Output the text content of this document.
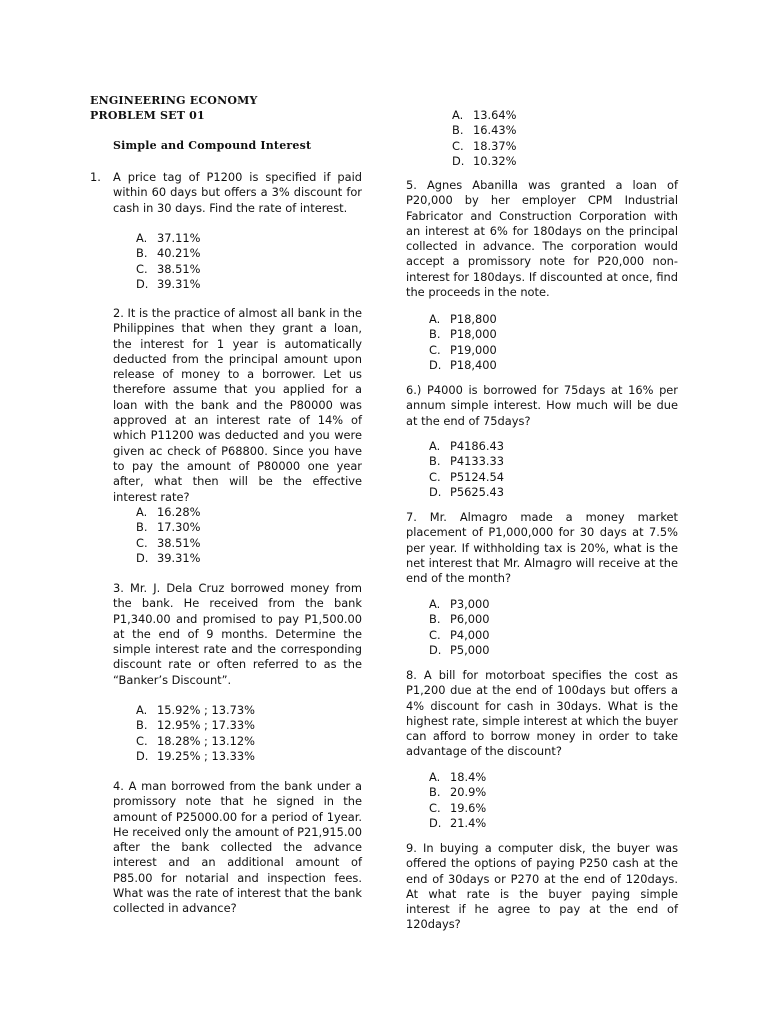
ENGINEERING ECONOMY
PROBLEM SET 01
Simple and Compound Interest
1. A price tag of P1200 is specified if paid within 60 days but offers a 3% discount for cash in 30 days. Find the rate of interest.
A. 37.11%
B. 40.21%
C. 38.51%
D. 39.31%
2. It is the practice of almost all bank in the Philippines that when they grant a loan, the interest for 1 year is automatically deducted from the principal amount upon release of money to a borrower. Let us therefore assume that you applied for a loan with the bank and the P80000 was approved at an interest rate of 14% of which P11200 was deducted and you were given ac check of P68800. Since you have to pay the amount of P80000 one year after, what then will be the effective interest rate?
A. 16.28%
B. 17.30%
C. 38.51%
D. 39.31%
3. Mr. J. Dela Cruz borrowed money from the bank. He received from the bank P1,340.00 and promised to pay P1,500.00 at the end of 9 months. Determine the simple interest rate and the corresponding discount rate or often referred to as the “Banker’s Discount”.
A. 15.92% ; 13.73%
B. 12.95% ; 17.33%
C. 18.28% ; 13.12%
D. 19.25% ; 13.33%
4. A man borrowed from the bank under a promissory note that he signed in the amount of P25000.00 for a period of 1year. He received only the amount of P21,915.00 after the bank collected the advance interest and an additional amount of P85.00 for notarial and inspection fees. What was the rate of interest that the bank collected in advance?
A. 13.64%
B. 16.43%
C. 18.37%
D. 10.32%
5. Agnes Abanilla was granted a loan of P20,000 by her employer CPM Industrial Fabricator and Construction Corporation with an interest at 6% for 180days on the principal collected in advance. The corporation would accept a promissory note for P20,000 non-interest for 180days. If discounted at once, find the proceeds in the note.
A. P18,800
B. P18,000
C. P19,000
D. P18,400
6.) P4000 is borrowed for 75days at 16% per annum simple interest. How much will be due at the end of 75days?
A. P4186.43
B. P4133.33
C. P5124.54
D. P5625.43
7. Mr. Almagro made a money market placement of P1,000,000 for 30 days at 7.5% per year. If withholding tax is 20%, what is the net interest that Mr. Almagro will receive at the end of the month?
A. P3,000
B. P6,000
C. P4,000
D. P5,000
8. A bill for motorboat specifies the cost as P1,200 due at the end of 100days but offers a 4% discount for cash in 30days. What is the highest rate, simple interest at which the buyer can afford to borrow money in order to take advantage of the discount?
A. 18.4%
B. 20.9%
C. 19.6%
D. 21.4%
9. In buying a computer disk, the buyer was offered the options of paying P250 cash at the end of 30days or P270 at the end of 120days. At what rate is the buyer paying simple interest if he agree to pay at the end of 120days?
